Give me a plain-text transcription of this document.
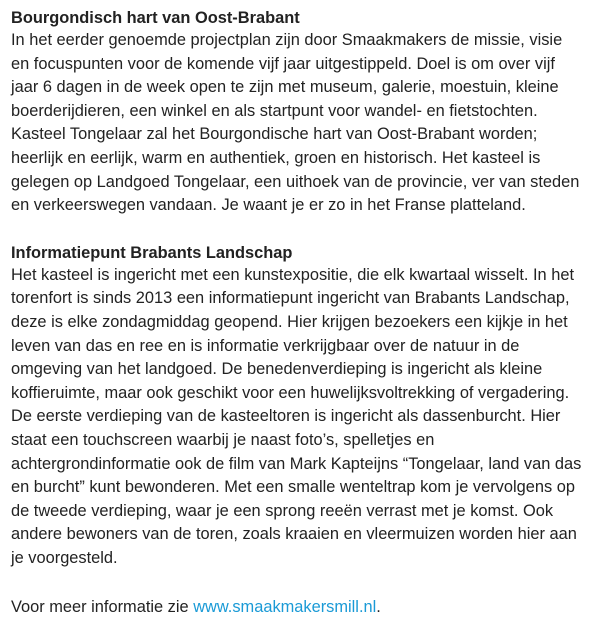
Bourgondisch hart van Oost-Brabant

In het eerder genoemde projectplan zijn door Smaakmakers de missie, visie

en focuspunten voor de komende vijf jaar uitgestippeld. Doel is om over vijf

jaar 6 dagen in de week open te zijn met museum, galerie, moestuin, kleine

boerderijdieren, een winkel en als startpunt voor wandel- en fietstochten.

Kasteel Tongelaar zal het Bourgondische hart van Oost-Brabant worden;

heerlijk en eerlijk, warm en authentiek, groen en historisch. Het kasteel is

gelegen op Landgoed Tongelaar, een uithoek van de provincie, ver van steden

en verkeerswegen vandaan. Je waant je er zo in het Franse platteland.

Informatiepunt Brabants Landschap

Het kasteel is ingericht met een kunstexpositie, die elk kwartaal wisselt. In het

torenfort is sinds 2013 een informatiepunt ingericht van Brabants Landschap,

deze is elke zondagmiddag geopend. Hier krijgen bezoekers een kijkje in het

leven van das en ree en is informatie verkrijgbaar over de natuur in de

omgeving van het landgoed. De benedenverdieping is ingericht als kleine

koffieruimte, maar ook geschikt voor een huwelijksvoltrekking of vergadering.

De eerste verdieping van de kasteeltoren is ingericht als dassenburcht. Hier

staat een touchscreen waarbij je naast foto’s, spelletjes en

achtergrondinformatie ook de film van Mark Kapteijns “Tongelaar, land van das

en burcht” kunt bewonderen. Met een smalle wenteltrap kom je vervolgens op

de tweede verdieping, waar je een sprong reeën verrast met je komst. Ook

andere bewoners van de toren, zoals kraaien en vleermuizen worden hier aan

je voorgesteld.

Voor meer informatie zie www.smaakmakersmill.nl.
